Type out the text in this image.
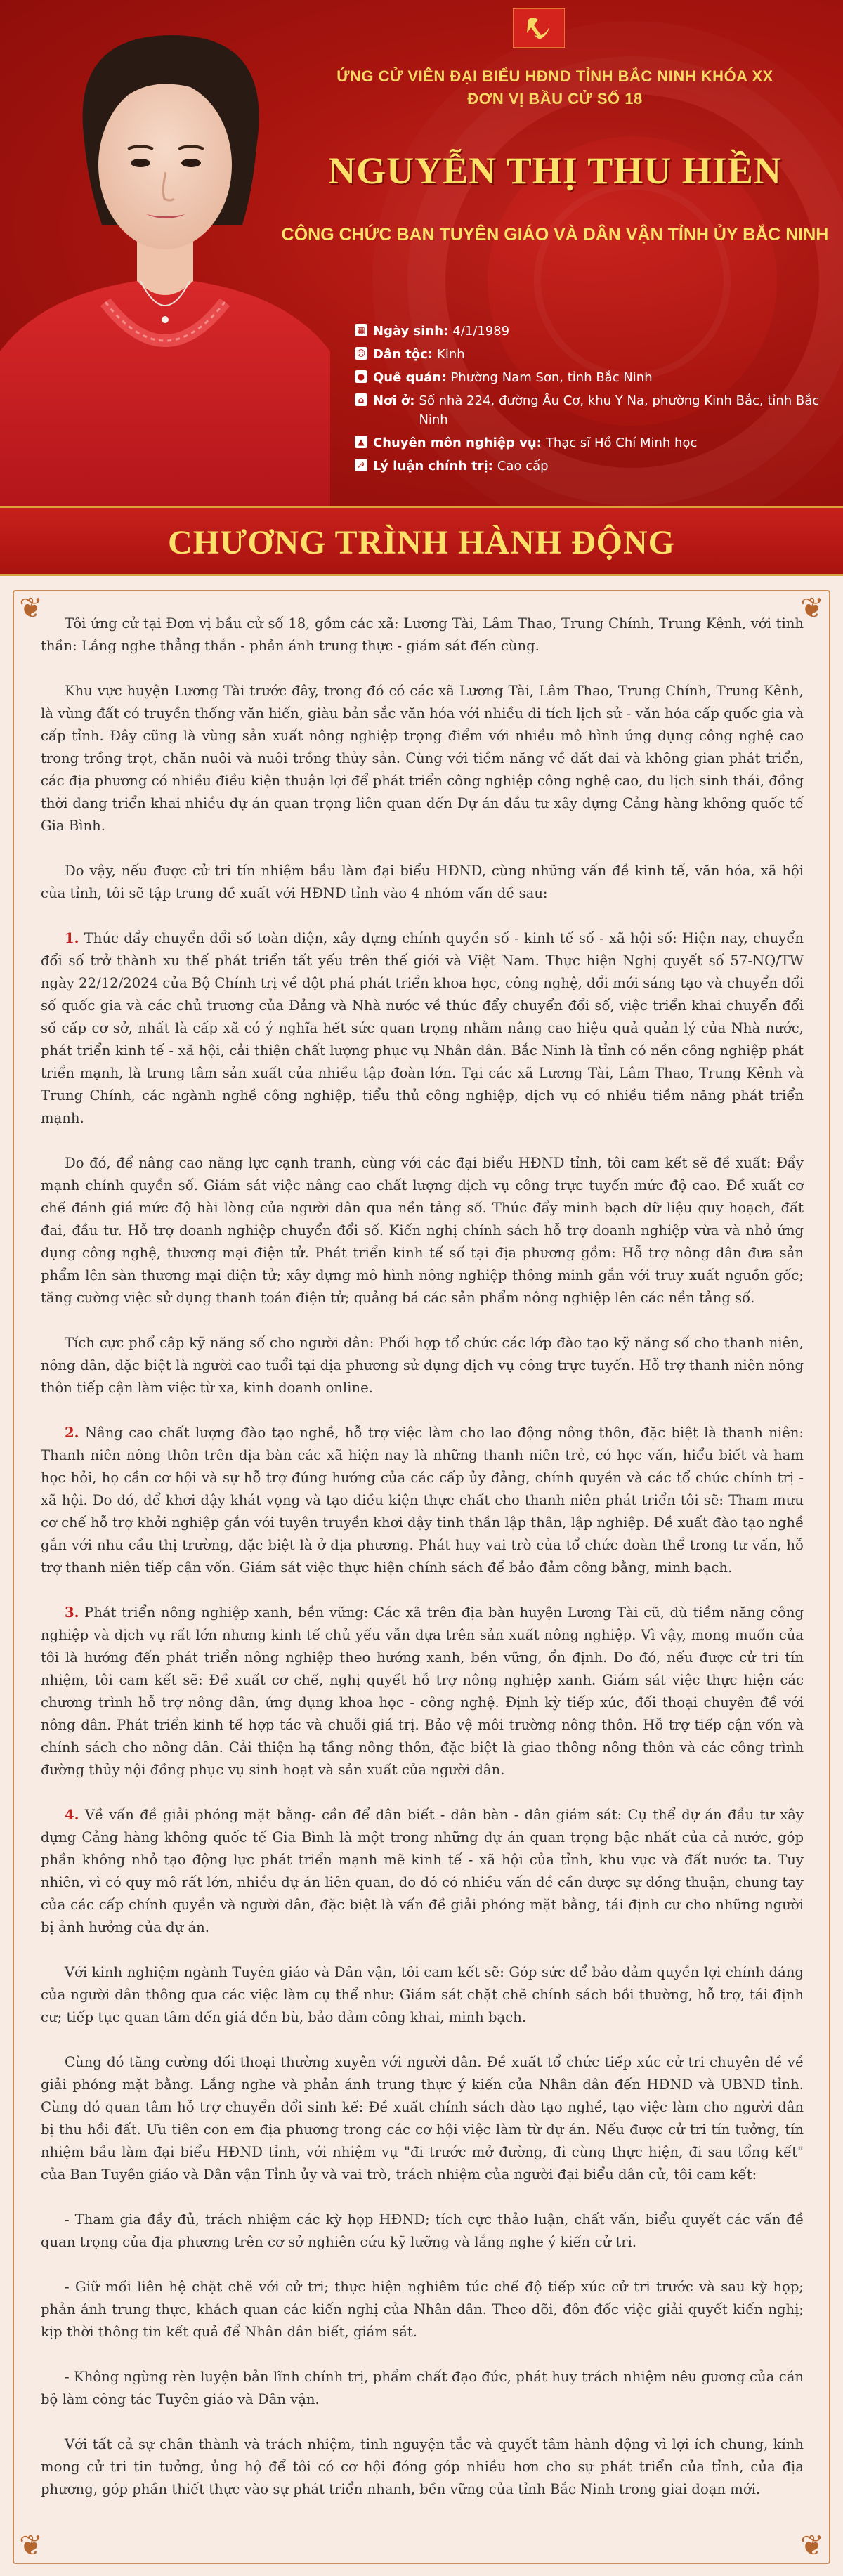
ỨNG CỬ VIÊN ĐẠI BIỂU HĐND TỈNH BẮC NINH KHÓA XX
ĐƠN VỊ BẦU CỬ SỐ 18
NGUYỄN THỊ THU HIỀN
CÔNG CHỨC BAN TUYÊN GIÁO VÀ DÂN VẬN TỈNH ỦY BẮC NINH
▦ Ngày sinh: 4/1/1989
☺ Dân tộc: Kinh
● Quê quán: Phường Nam Sơn, tỉnh Bắc Ninh
⌂ Nơi ở: Số nhà 224, đường Âu Cơ, khu Y Na, phường Kinh Bắc, tỉnh Bắc Ninh
▲ Chuyên môn nghiệp vụ: Thạc sĩ Hồ Chí Minh học
☭ Lý luận chính trị: Cao cấp
CHƯƠNG TRÌNH HÀNH ĐỘNG
❦	❦
❦	❦

Tôi ứng cử tại Đơn vị bầu cử số 18, gồm các xã: Lương Tài, Lâm Thao, Trung Chính, Trung Kênh, với tinh thần: Lắng nghe thẳng thắn - phản ánh trung thực - giám sát đến cùng.

Khu vực huyện Lương Tài trước đây, trong đó có các xã Lương Tài, Lâm Thao, Trung Chính, Trung Kênh, là vùng đất có truyền thống văn hiến, giàu bản sắc văn hóa với nhiều di tích lịch sử - văn hóa cấp quốc gia và cấp tỉnh. Đây cũng là vùng sản xuất nông nghiệp trọng điểm với nhiều mô hình ứng dụng công nghệ cao trong trồng trọt, chăn nuôi và nuôi trồng thủy sản. Cùng với tiềm năng về đất đai và không gian phát triển, các địa phương có nhiều điều kiện thuận lợi để phát triển công nghiệp công nghệ cao, du lịch sinh thái, đồng thời đang triển khai nhiều dự án quan trọng liên quan đến Dự án đầu tư xây dựng Cảng hàng không quốc tế Gia Bình.

Do vậy, nếu được cử tri tín nhiệm bầu làm đại biểu HĐND, cùng những vấn đề kinh tế, văn hóa, xã hội của tỉnh, tôi sẽ tập trung đề xuất với HĐND tỉnh vào 4 nhóm vấn đề sau:

1. Thúc đẩy chuyển đổi số toàn diện, xây dựng chính quyền số - kinh tế số - xã hội số: Hiện nay, chuyển đổi số trở thành xu thế phát triển tất yếu trên thế giới và Việt Nam. Thực hiện Nghị quyết số 57-NQ/TW ngày 22/12/2024 của Bộ Chính trị về đột phá phát triển khoa học, công nghệ, đổi mới sáng tạo và chuyển đổi số quốc gia và các chủ trương của Đảng và Nhà nước về thúc đẩy chuyển đổi số, việc triển khai chuyển đổi số cấp cơ sở, nhất là cấp xã có ý nghĩa hết sức quan trọng nhằm nâng cao hiệu quả quản lý của Nhà nước, phát triển kinh tế - xã hội, cải thiện chất lượng phục vụ Nhân dân. Bắc Ninh là tỉnh có nền công nghiệp phát triển mạnh, là trung tâm sản xuất của nhiều tập đoàn lớn. Tại các xã Lương Tài, Lâm Thao, Trung Kênh và Trung Chính, các ngành nghề công nghiệp, tiểu thủ công nghiệp, dịch vụ có nhiều tiềm năng phát triển mạnh.

Do đó, để nâng cao năng lực cạnh tranh, cùng với các đại biểu HĐND tỉnh, tôi cam kết sẽ đề xuất: Đẩy mạnh chính quyền số. Giám sát việc nâng cao chất lượng dịch vụ công trực tuyến mức độ cao. Đề xuất cơ chế đánh giá mức độ hài lòng của người dân qua nền tảng số. Thúc đẩy minh bạch dữ liệu quy hoạch, đất đai, đầu tư. Hỗ trợ doanh nghiệp chuyển đổi số. Kiến nghị chính sách hỗ trợ doanh nghiệp vừa và nhỏ ứng dụng công nghệ, thương mại điện tử. Phát triển kinh tế số tại địa phương gồm: Hỗ trợ nông dân đưa sản phẩm lên sàn thương mại điện tử; xây dựng mô hình nông nghiệp thông minh gắn với truy xuất nguồn gốc; tăng cường việc sử dụng thanh toán điện tử; quảng bá các sản phẩm nông nghiệp lên các nền tảng số.

Tích cực phổ cập kỹ năng số cho người dân: Phối hợp tổ chức các lớp đào tạo kỹ năng số cho thanh niên, nông dân, đặc biệt là người cao tuổi tại địa phương sử dụng dịch vụ công trực tuyến. Hỗ trợ thanh niên nông thôn tiếp cận làm việc từ xa, kinh doanh online.

2. Nâng cao chất lượng đào tạo nghề, hỗ trợ việc làm cho lao động nông thôn, đặc biệt là thanh niên: Thanh niên nông thôn trên địa bàn các xã hiện nay là những thanh niên trẻ, có học vấn, hiểu biết và ham học hỏi, họ cần cơ hội và sự hỗ trợ đúng hướng của các cấp ủy đảng, chính quyền và các tổ chức chính trị - xã hội. Do đó, để khơi dậy khát vọng và tạo điều kiện thực chất cho thanh niên phát triển tôi sẽ: Tham mưu cơ chế hỗ trợ khởi nghiệp gắn với tuyên truyền khơi dậy tinh thần lập thân, lập nghiệp. Đề xuất đào tạo nghề gắn với nhu cầu thị trường, đặc biệt là ở địa phương. Phát huy vai trò của tổ chức đoàn thể trong tư vấn, hỗ trợ thanh niên tiếp cận vốn. Giám sát việc thực hiện chính sách để bảo đảm công bằng, minh bạch.

3. Phát triển nông nghiệp xanh, bền vững: Các xã trên địa bàn huyện Lương Tài cũ, dù tiềm năng công nghiệp và dịch vụ rất lớn nhưng kinh tế chủ yếu vẫn dựa trên sản xuất nông nghiệp. Vì vậy, mong muốn của tôi là hướng đến phát triển nông nghiệp theo hướng xanh, bền vững, ổn định. Do đó, nếu được cử tri tín nhiệm, tôi cam kết sẽ: Đề xuất cơ chế, nghị quyết hỗ trợ nông nghiệp xanh. Giám sát việc thực hiện các chương trình hỗ trợ nông dân, ứng dụng khoa học - công nghệ. Định kỳ tiếp xúc, đối thoại chuyên đề với nông dân. Phát triển kinh tế hợp tác và chuỗi giá trị. Bảo vệ môi trường nông thôn. Hỗ trợ tiếp cận vốn và chính sách cho nông dân. Cải thiện hạ tầng nông thôn, đặc biệt là giao thông nông thôn và các công trình đường thủy nội đồng phục vụ sinh hoạt và sản xuất của người dân.

4. Về vấn đề giải phóng mặt bằng- cần để dân biết - dân bàn - dân giám sát: Cụ thể dự án đầu tư xây dựng Cảng hàng không quốc tế Gia Bình là một trong những dự án quan trọng bậc nhất của cả nước, góp phần không nhỏ tạo động lực phát triển mạnh mẽ kinh tế - xã hội của tỉnh, khu vực và đất nước ta. Tuy nhiên, vì có quy mô rất lớn, nhiều dự án liên quan, do đó có nhiều vấn đề cần được sự đồng thuận, chung tay của các cấp chính quyền và người dân, đặc biệt là vấn đề giải phóng mặt bằng, tái định cư cho những người bị ảnh hưởng của dự án.

Với kinh nghiệm ngành Tuyên giáo và Dân vận, tôi cam kết sẽ: Góp sức để bảo đảm quyền lợi chính đáng của người dân thông qua các việc làm cụ thể như: Giám sát chặt chẽ chính sách bồi thường, hỗ trợ, tái định cư; tiếp tục quan tâm đến giá đền bù, bảo đảm công khai, minh bạch.

Cùng đó tăng cường đối thoại thường xuyên với người dân. Đề xuất tổ chức tiếp xúc cử tri chuyên đề về giải phóng mặt bằng. Lắng nghe và phản ánh trung thực ý kiến của Nhân dân đến HĐND và UBND tỉnh. Cùng đó quan tâm hỗ trợ chuyển đổi sinh kế: Đề xuất chính sách đào tạo nghề, tạo việc làm cho người dân bị thu hồi đất. Ưu tiên con em địa phương trong các cơ hội việc làm từ dự án. Nếu được cử tri tín tưởng, tín nhiệm bầu làm đại biểu HĐND tỉnh, với nhiệm vụ "đi trước mở đường, đi cùng thực hiện, đi sau tổng kết" của Ban Tuyên giáo và Dân vận Tỉnh ủy và vai trò, trách nhiệm của người đại biểu dân cử, tôi cam kết:

- Tham gia đầy đủ, trách nhiệm các kỳ họp HĐND; tích cực thảo luận, chất vấn, biểu quyết các vấn đề quan trọng của địa phương trên cơ sở nghiên cứu kỹ lưỡng và lắng nghe ý kiến cử tri.

- Giữ mối liên hệ chặt chẽ với cử tri; thực hiện nghiêm túc chế độ tiếp xúc cử tri trước và sau kỳ họp; phản ánh trung thực, khách quan các kiến nghị của Nhân dân. Theo dõi, đôn đốc việc giải quyết kiến nghị; kịp thời thông tin kết quả để Nhân dân biết, giám sát.

- Không ngừng rèn luyện bản lĩnh chính trị, phẩm chất đạo đức, phát huy trách nhiệm nêu gương của cán bộ làm công tác Tuyên giáo và Dân vận.

Với tất cả sự chân thành và trách nhiệm, tinh nguyện tắc và quyết tâm hành động vì lợi ích chung, kính mong cử tri tin tưởng, ủng hộ để tôi có cơ hội đóng góp nhiều hơn cho sự phát triển của tỉnh, của địa phương, góp phần thiết thực vào sự phát triển nhanh, bền vững của tỉnh Bắc Ninh trong giai đoạn mới.
